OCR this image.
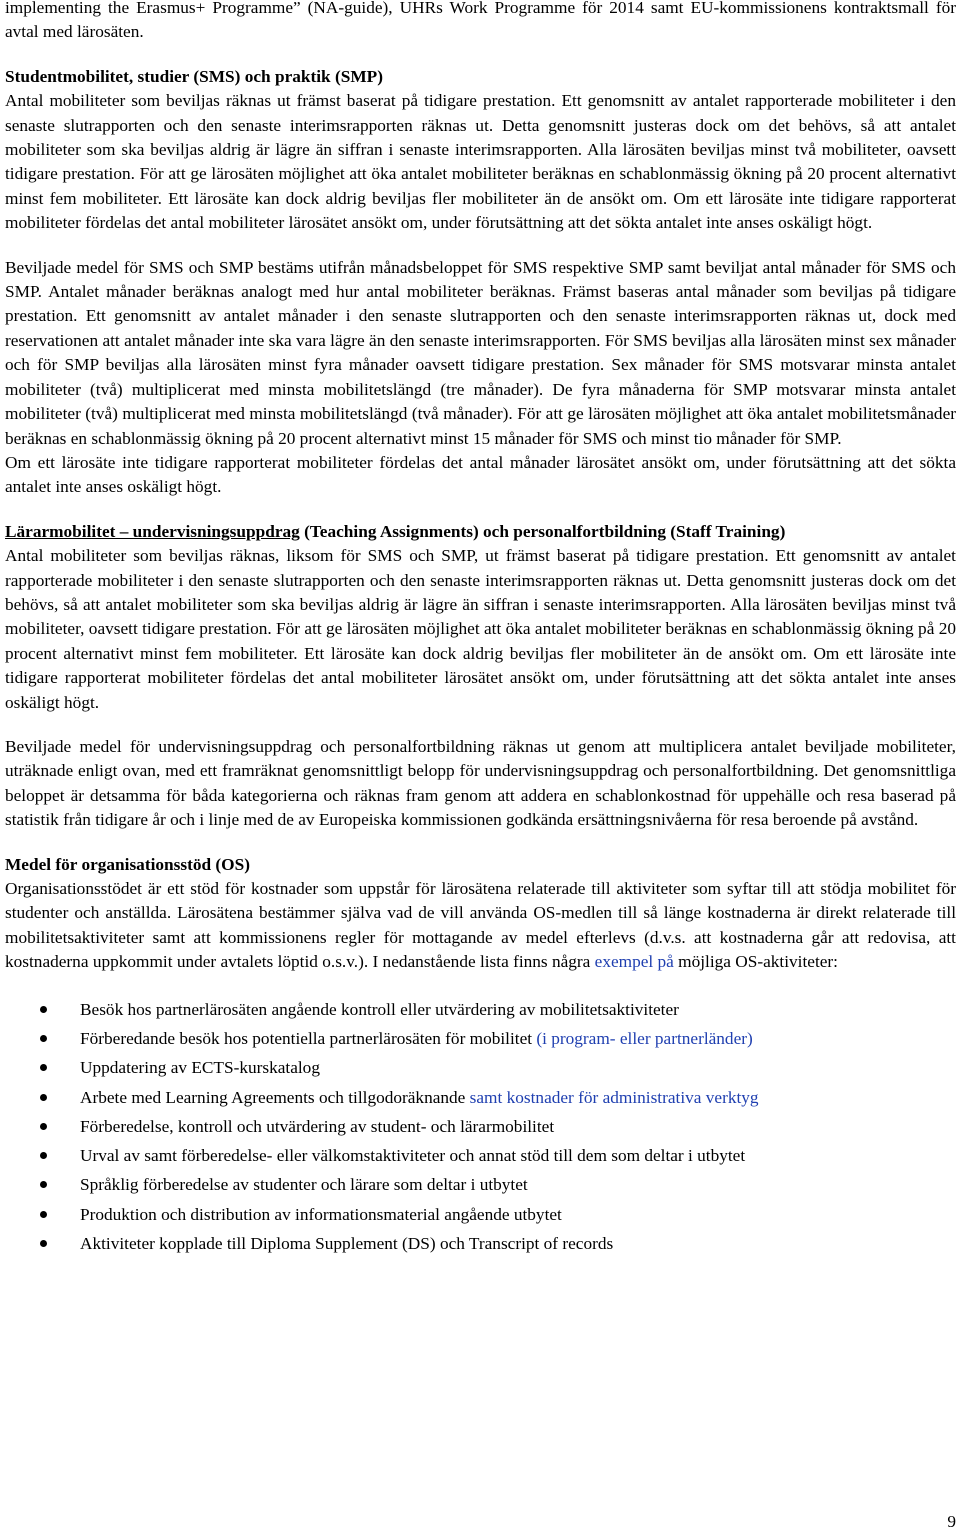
implementing the Erasmus+ Programme” (NA-guide), UHRs Work Programme för 2014 samt EU-kommissionens kontraktsmall för avtal med lärosäten.

Studentmobilitet, studier (SMS) och praktik (SMP)

Antal mobiliteter som beviljas räknas ut främst baserat på tidigare prestation. Ett genomsnitt av antalet rapporterade mobiliteter i den senaste slutrapporten och den senaste interimsrapporten räknas ut. Detta genomsnitt justeras dock om det behövs, så att antalet mobiliteter som ska beviljas aldrig är lägre än siffran i senaste interimsrapporten. Alla lärosäten beviljas minst två mobiliteter, oavsett tidigare prestation. För att ge lärosäten möjlighet att öka antalet mobiliteter beräknas en schablonmässig ökning på 20 procent alternativt minst fem mobiliteter. Ett lärosäte kan dock aldrig beviljas fler mobiliteter än de ansökt om. Om ett lärosäte inte tidigare rapporterat mobiliteter fördelas det antal mobiliteter lärosätet ansökt om, under förutsättning att det sökta antalet inte anses oskäligt högt.

Beviljade medel för SMS och SMP bestäms utifrån månadsbeloppet för SMS respektive SMP samt beviljat antal månader för SMS och SMP. Antalet månader beräknas analogt med hur antal mobiliteter beräknas. Främst baseras antal månader som beviljas på tidigare prestation. Ett genomsnitt av antalet månader i den senaste slutrapporten och den senaste interimsrapporten räknas ut, dock med reservationen att antalet månader inte ska vara lägre än den senaste interimsrapporten. För SMS beviljas alla lärosäten minst sex månader och för SMP beviljas alla lärosäten minst fyra månader oavsett tidigare prestation. Sex månader för SMS motsvarar minsta antalet mobiliteter (två) multiplicerat med minsta mobilitetslängd (tre månader). De fyra månaderna för SMP motsvarar minsta antalet mobiliteter (två) multiplicerat med minsta mobilitetslängd (två månader). För att ge lärosäten möjlighet att öka antalet mobilitetsmånader beräknas en schablonmässig ökning på 20 procent alternativt minst 15 månader för SMS och minst tio månader för SMP.

Om ett lärosäte inte tidigare rapporterat mobiliteter fördelas det antal månader lärosätet ansökt om, under förutsättning att det sökta antalet inte anses oskäligt högt.

Lärarmobilitet – undervisningsuppdrag (Teaching Assignments) och personalfortbildning (Staff Training)

Antal mobiliteter som beviljas räknas, liksom för SMS och SMP, ut främst baserat på tidigare prestation. Ett genomsnitt av antalet rapporterade mobiliteter i den senaste slutrapporten och den senaste interimsrapporten räknas ut. Detta genomsnitt justeras dock om det behövs, så att antalet mobiliteter som ska beviljas aldrig är lägre än siffran i senaste interimsrapporten. Alla lärosäten beviljas minst två mobiliteter, oavsett tidigare prestation. För att ge lärosäten möjlighet att öka antalet mobiliteter beräknas en schablonmässig ökning på 20 procent alternativt minst fem mobiliteter. Ett lärosäte kan dock aldrig beviljas fler mobiliteter än de ansökt om. Om ett lärosäte inte tidigare rapporterat mobiliteter fördelas det antal mobiliteter lärosätet ansökt om, under förutsättning att det sökta antalet inte anses oskäligt högt.

Beviljade medel för undervisningsuppdrag och personalfortbildning räknas ut genom att multiplicera antalet beviljade mobiliteter, uträknade enligt ovan, med ett framräknat genomsnittligt belopp för undervisningsuppdrag och personalfortbildning. Det genomsnittliga beloppet är detsamma för båda kategorierna och räknas fram genom att addera en schablonkostnad för uppehälle och resa baserad på statistik från tidigare år och i linje med de av Europeiska kommissionen godkända ersättningsnivåerna för resa beroende på avstånd.

Medel för organisationsstöd (OS)

Organisationsstödet är ett stöd för kostnader som uppstår för lärosätena relaterade till aktiviteter som syftar till att stödja mobilitet för studenter och anställda. Lärosätena bestämmer själva vad de vill använda OS-medlen till så länge kostnaderna är direkt relaterade till mobilitetsaktiviteter samt att kommissionens regler för mottagande av medel efterlevs (d.v.s. att kostnaderna går att redovisa, att kostnaderna uppkommit under avtalets löptid o.s.v.). I nedanstående lista finns några exempel på möjliga OS-aktiviteter:

Besök hos partnerlärosäten angående kontroll eller utvärdering av mobilitetsaktiviteter
Förberedande besök hos potentiella partnerlärosäten för mobilitet (i program- eller partnerländer)
Uppdatering av ECTS-kurskatalog
Arbete med Learning Agreements och tillgodoräknande samt kostnader för administrativa verktyg
Förberedelse, kontroll och utvärdering av student- och lärarmobilitet
Urval av samt förberedelse- eller välkomstaktiviteter och annat stöd till dem som deltar i utbytet
Språklig förberedelse av studenter och lärare som deltar i utbytet
Produktion och distribution av informationsmaterial angående utbytet
Aktiviteter kopplade till Diploma Supplement (DS) och Transcript of records
9
